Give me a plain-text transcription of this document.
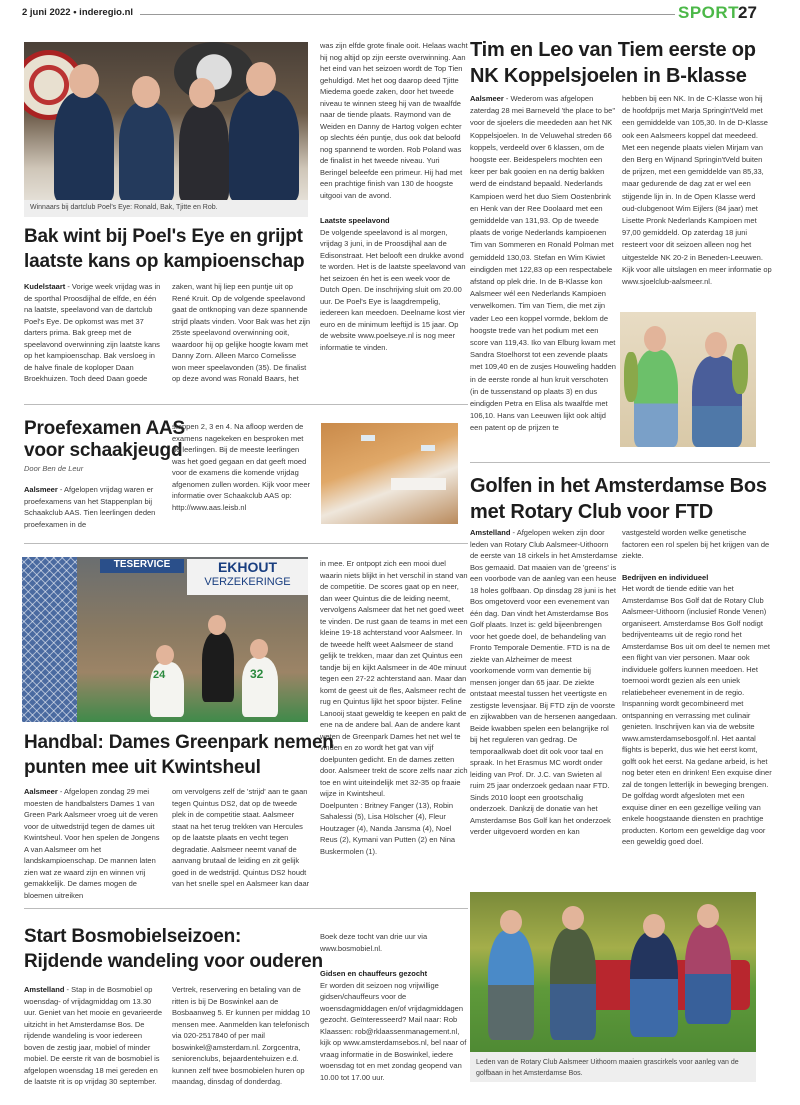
2 juni 2022 • inderegio.nl	SPORT
27
Winnaars bij dartclub Poel's Eye: Ronald, Bak, Tjitte en Rob.
Bak wint bij Poel's Eye en grijpt
laatste kans op kampioenschap
Kudelstaart - Vorige week vrijdag was in de sporthal Proosdijhal de elfde, en één na laatste, speelavond van de dartclub Poel's Eye. De opkomst was met 37 darters prima. Bak greep met de speelavond overwinning zijn laatste kans op het kampioenschap. Bak versloeg in de halve finale de koploper Daan Broekhuizen. Toch deed Daan goede
zaken, want hij liep een puntje uit op René Kruit. Op de volgende speelavond gaat de ontknoping van deze spannende strijd plaats vinden. Voor Bak was het zijn 25ste speelavond overwinning ooit, waardoor hij op gelijke hoogte kwam met Danny Zorn. Alleen Marco Cornelisse won meer speelavonden (35). De finalist op deze avond was Ronald Baars, het
was zijn elfde grote finale ooit. Helaas wacht hij nog altijd op zijn eerste overwinning. Aan het eind van het seizoen wordt de Top Tien gehuldigd. Met het oog daarop deed Tjitte Miedema goede zaken, door het tweede niveau te winnen steeg hij van de twaalfde naar de tiende plaats. Raymond van de Weiden en Danny de Hartog volgen echter op slechts één puntje, dus ook dat beloofd nog spannend te worden. Rob Poland was de finalist in het tweede niveau. Yuri Beringel beleefde een primeur. Hij had met een prachtige finish van 130 de hoogste uitgooi van de avond.
Laatste speelavond
De volgende speelavond is al morgen, vrijdag 3 juni, in de Proosdijhal aan de Edisonstraat. Het belooft een drukke avond te worden. Het is de laatste speelavond van het seizoen én het is een week voor de Dutch Open. De inschrijving sluit om 20.00 uur. De Poel's Eye is laagdrempelig, iedereen kan meedoen. Deelname kost vier euro en de minimum leeftijd is 15 jaar. Op de website www.poelseye.nl is nog meer informatie te vinden.
Proefexamen AAS
voor schaakjeugd
Door Ben de Leur
Aalsmeer - Afgelopen vrijdag waren er proefexamens van het Stappenplan bij Schaakclub AAS. Tien leerlingen deden proefexamen in de
stappen 2, 3 en 4. Na afloop werden de examens nagekeken en besproken met de leerlingen. Bij de meeste leerlingen was het goed gegaan en dat geeft moed voor de examens die komende vrijdag afgenomen zullen worden. Kijk voor meer informatie over Schaakclub AAS op: http://www.aas.leisb.nl
TESERVICE	EKHOUT
VERZEKERINGE
24	32
in mee. Er ontpopt zich een mooi duel waarin niets blijkt in het verschil in stand van de competitie. De scores gaat op en neer, dan weer Quintus die de leiding neemt, vervolgens Aalsmeer dat het net goed weet te vinden. De rust gaan de teams in met een kleine 19-18 achterstand voor Aalsmeer. In de tweede helft weet Aalsmeer de stand gelijk te trekken, maar dan zet Quintus een tandje bij en kijkt Aalsmeer in de 40e minuut tegen een 27-22 achterstand aan. Maar dan komt de geest uit de fles, Aalsmeer recht de rug en Quintus lijkt het spoor bijster. Feline Lanooij staat geweldig te keepen en pakt de ene na de andere bal. Aan de andere kant weten de Greenpark Dames het net wel te vinden en zo wordt het gat van vijf doelpunten gedicht. En de dames zetten door. Aalsmeer trekt de score zelfs naar zich toe en wint uiteindelijk met 32-35 op fraaie wijze in Kwintsheul.
Doelpunten : Britney Fanger (13), Robin Sahalessi (5), Lisa Hölscher (4), Fleur Houtzager (4), Nanda Jansma (4), Noel Reus (2), Kymani van Putten (2) en Nina Buskermolen (1).
Handbal: Dames Greenpark nemen
punten mee uit Kwintsheul
Aalsmeer - Afgelopen zondag 29 mei moesten de handbalsters Dames 1 van Green Park Aalsmeer vroeg uit de veren voor de uitwedstrijd tegen de dames uit Kwintsheul. Voor hen spelen de Jongens A van Aalsmeer om het landskampioenschap. De mannen laten zien wat ze waard zijn en winnen vrij gemakkelijk. De dames mogen de bloemen uitreiken
om vervolgens zelf de 'strijd' aan te gaan tegen Quintus DS2, dat op de tweede plek in de competitie staat. Aalsmeer staat na het terug trekken van Hercules op de laatste plaats en vecht tegen degradatie. Aalsmeer neemt vanaf de aanvang brutaal de leiding en zit gelijk goed in de wedstrijd. Quintus DS2 houdt van het snelle spel en Aalsmeer kan daar
Start Bosmobielseizoen:
Rijdende wandeling voor ouderen
Amstelland - Stap in de Bosmobiel op woensdag- of vrijdagmiddag om 13.30 uur. Geniet van het mooie en gevarieerde uitzicht in het Amsterdamse Bos. De rijdende wandeling is voor iedereen boven de zestig jaar, mobiel of minder mobiel. De eerste rit van de bosmobiel is afgelopen woensdag 18 mei gereden en de laatste rit is op vrijdag 30 september.
Vertrek, reservering en betaling van de ritten is bij De Boswinkel aan de Bosbaanweg 5. Er kunnen per middag 10 mensen mee. Aanmelden kan telefonisch via 020-2517840 of per mail boswinkel@amsterdam.nl. Zorgcentra, seniorenclubs, bejaardentehuizen e.d. kunnen zelf twee bosmobielen huren op maandag, dinsdag of donderdag.
Boek deze tocht van drie uur via www.bosmobiel.nl.
Gidsen en chauffeurs gezocht
Er worden dit seizoen nog vrijwillige gidsen/chauffeurs voor de woensdagmiddagen en/of vrijdagmiddagen gezocht. Geïnteresseerd? Mail naar: Rob Klaassen: rob@rklaassenmanagement.nl, kijk op www.amsterdamsebos.nl, bel naar of vraag informatie in de Boswinkel, iedere woensdag tot en met zondag geopend van 10.00 tot 17.00 uur.
Tim en Leo van Tiem eerste op
NK Koppelsjoelen in B-klasse
Aalsmeer - Wederom was afgelopen zaterdag 28 mei Barneveld 'the place to be'' voor de sjoelers die meededen aan het NK Koppelsjoelen. In de Veluwehal streden 66 koppels, verdeeld over 6 klassen, om de hoogste eer. Beidespelers mochten een keer per bak gooien en na dertig bakken werd de eindstand bepaald. Nederlands Kampioen werd het duo Siem Oostenbrink en Henk van der Ree Doolaard met een gemiddelde van 131,93. Op de tweede plaats de vorige Nederlands kampioenen Tim van Sommeren en Ronald Polman met gemiddeld 130,03. Stefan en Wim Kiwiet eindigden met 122,83 op een respectabele afstand op plek drie. In de B-Klasse kon Aalsmeer wél een Nederlands Kampioen verwelkomen. Tim van Tiem, die met zijn vader Leo een koppel vormde, beklom de hoogste trede van het podium met een score van 119,43. Iko van Elburg kwam met Sandra Stoelhorst tot een zevende plaats met 109,40 en de zusjes Houweling hadden in de eerste ronde al hun kruit verschoten (in de tussenstand op plaats 3) en dus eindigden Petra en Elisa als twaalfde met 106,10. Hans van Leeuwen lijkt ook altijd een patent op de prijzen te
hebben bij een NK. In de C-Klasse won hij de hoofdprijs met Marja Springin'tVeld met een gemiddelde van 105,30. In de D-Klasse ook een Aalsmeers koppel dat meedeed. Met een negende plaats vielen Mirjam van den Berg en Wijnand Springin'tVeld buiten de prijzen, met een gemiddelde van 85,33, maar gedurende de dag zat er wel een stijgende lijn in. In de Open Klasse werd oud-clubgenoot Wim Eijlers (84 jaar) met Lisette Pronk Nederlands Kampioen met 97,00 gemiddeld. Op zaterdag 18 juni resteert voor dit seizoen alleen nog het uitgestelde NK 20-2 in Beneden-Leeuwen. Kijk voor alle uitslagen en meer informatie op www.sjoelclub-aalsmeer.nl.
Golfen in het Amsterdamse Bos
met Rotary Club voor FTD
Amstelland - Afgelopen weken zijn door leden van Rotary Club Aalsmeer-Uithoorn de eerste van 18 cirkels in het Amsterdamse Bos gemaaid. Dat maaien van de 'greens' is een voorbode van de aanleg van een heuse 18 holes golfbaan. Op dinsdag 28 juni is het Bos omgetoverd voor een evenement van één dag. Dan vindt het Amsterdamse Bos Golf plaats. Inzet is: geld bijeenbrengen voor het goede doel, de behandeling van Fronto Temporale Dementie. FTD is na de ziekte van Alzheimer de meest voorkomende vorm van dementie bij mensen jonger dan 65 jaar. De ziekte ontstaat meestal tussen het veertigste en zestigste levensjaar. Bij FTD zijn de voorste en zijkwabben van de hersenen aangedaan. Beide kwabben spelen een belangrijke rol bij het reguleren van gedrag. De temporaalkwab doet dit ook voor taal en spraak. In het Erasmus MC wordt onder leiding van Prof. Dr. J.C. van Swieten al ruim 25 jaar onderzoek gedaan naar FTD. Sinds 2010 loopt een grootschalig onderzoek. Dankzij de donatie van het Amsterdamse Bos Golf kan het onderzoek verder uitgevoerd worden en kan
vastgesteld worden welke genetische factoren een rol spelen bij het krijgen van de ziekte.
Bedrijven en individueel
Het wordt de tiende editie van het Amsterdamse Bos Golf dat de Rotary Club Aalsmeer-Uithoorn (inclusief Ronde Venen) organiseert. Amsterdamse Bos Golf nodigt bedrijventeams uit de regio rond het Amsterdamse Bos uit om deel te nemen met een flight van vier personen. Maar ook individuele golfers kunnen meedoen. Het toernooi wordt gezien als een uniek relatiebeheer evenement in de regio. Inspanning wordt gecombineerd met ontspanning en verrassing met culinair genieten. Inschrijven kan via de website www.amsterdamsebosgolf.nl. Het aantal flights is beperkt, dus wie het eerst komt, golft ook het eerst. Na gedane arbeid, is het nog beter eten en drinken! Een exquise diner zal de tongen letterlijk in beweging brengen. De golfdag wordt afgesloten met een exquise diner en een gezellige veiling van enkele hoogstaande diensten en prachtige producten. Kortom een geweldige dag voor een geweldig goed doel.
Leden van de Rotary Club Aalsmeer Uithoorn maaien grascirkels voor aanleg van de golfbaan in het Amsterdamse Bos.
